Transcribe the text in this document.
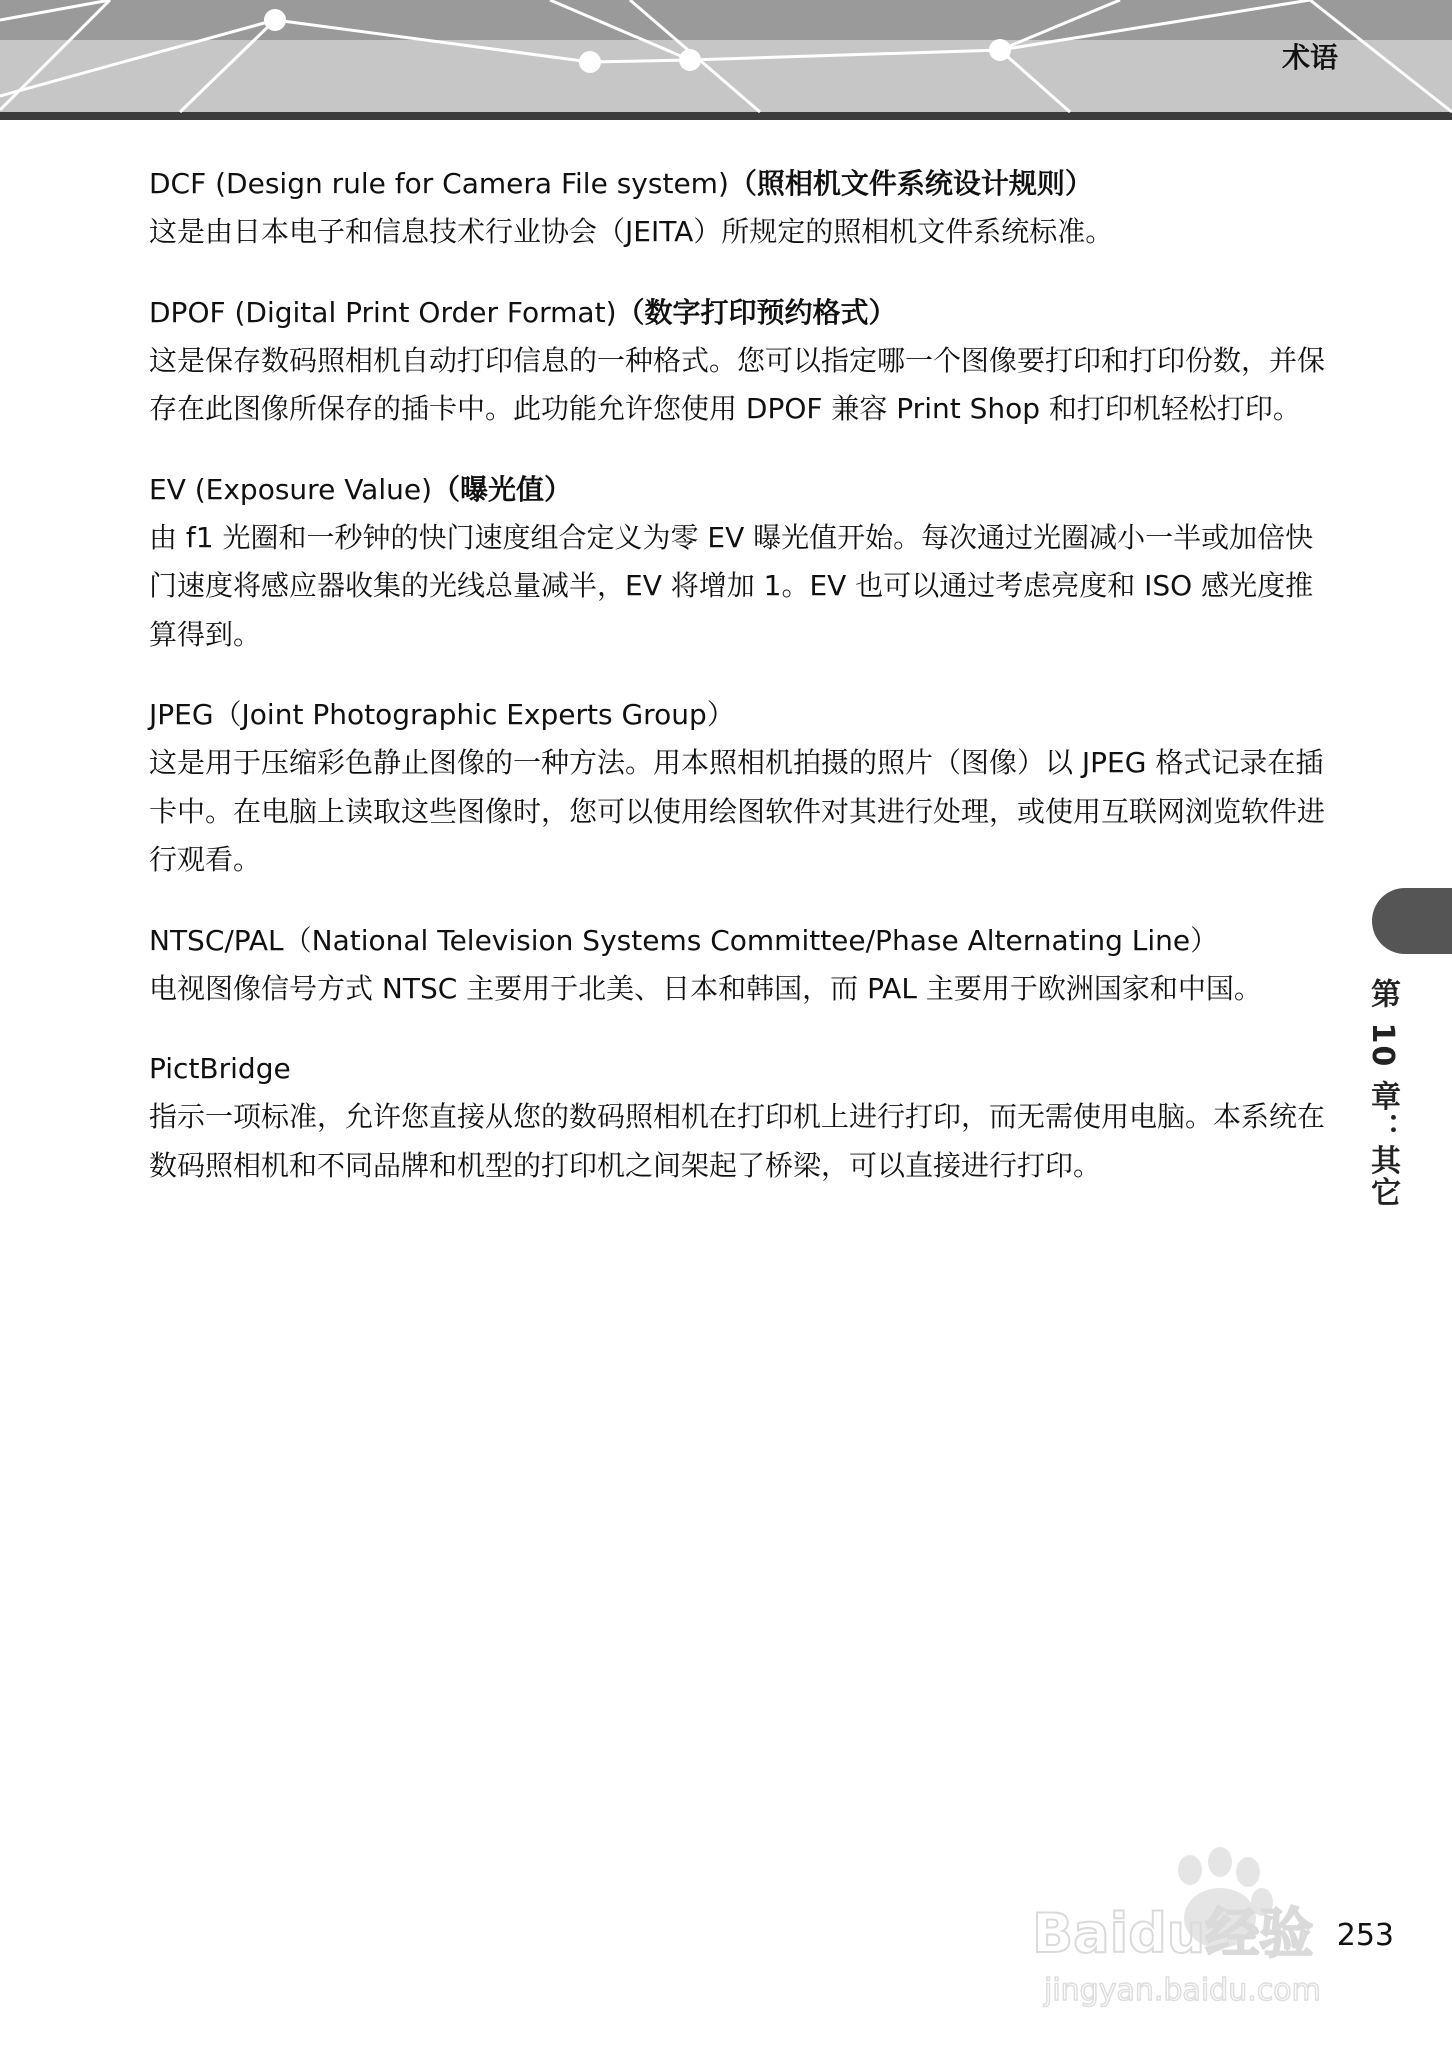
术语
DCF (Design rule for Camera File system)（照相机文件系统设计规则）
这是由日本电子和信息技术行业协会（JEITA）所规定的照相机文件系统标准。
DPOF (Digital Print Order Format)（数字打印预约格式）
这是保存数码照相机自动打印信息的一种格式。您可以指定哪一个图像要打印和打印份数，并保存在此图像所保存的插卡中。此功能允许您使用 DPOF 兼容 Print Shop 和打印机轻松打印。
EV (Exposure Value)（曝光值）
由 f1 光圈和一秒钟的快门速度组合定义为零 EV 曝光值开始。每次通过光圈减小一半或加倍快门速度将感应器收集的光线总量减半，EV 将增加 1。EV 也可以通过考虑亮度和 ISO 感光度推算得到。
JPEG（Joint Photographic Experts Group）
这是用于压缩彩色静止图像的一种方法。用本照相机拍摄的照片（图像）以 JPEG 格式记录在插卡中。在电脑上读取这些图像时，您可以使用绘图软件对其进行处理，或使用互联网浏览软件进行观看。
NTSC/PAL（National Television Systems Committee/Phase Alternating Line）
电视图像信号方式 NTSC 主要用于北美、日本和韩国，而 PAL 主要用于欧洲国家和中国。
PictBridge
指示一项标准，允许您直接从您的数码照相机在打印机上进行打印，而无需使用电脑。本系统在数码照相机和不同品牌和机型的打印机之间架起了桥梁，可以直接进行打印。	第 10 章：其它
Baidu经验
jingyan.baidu.com
253
